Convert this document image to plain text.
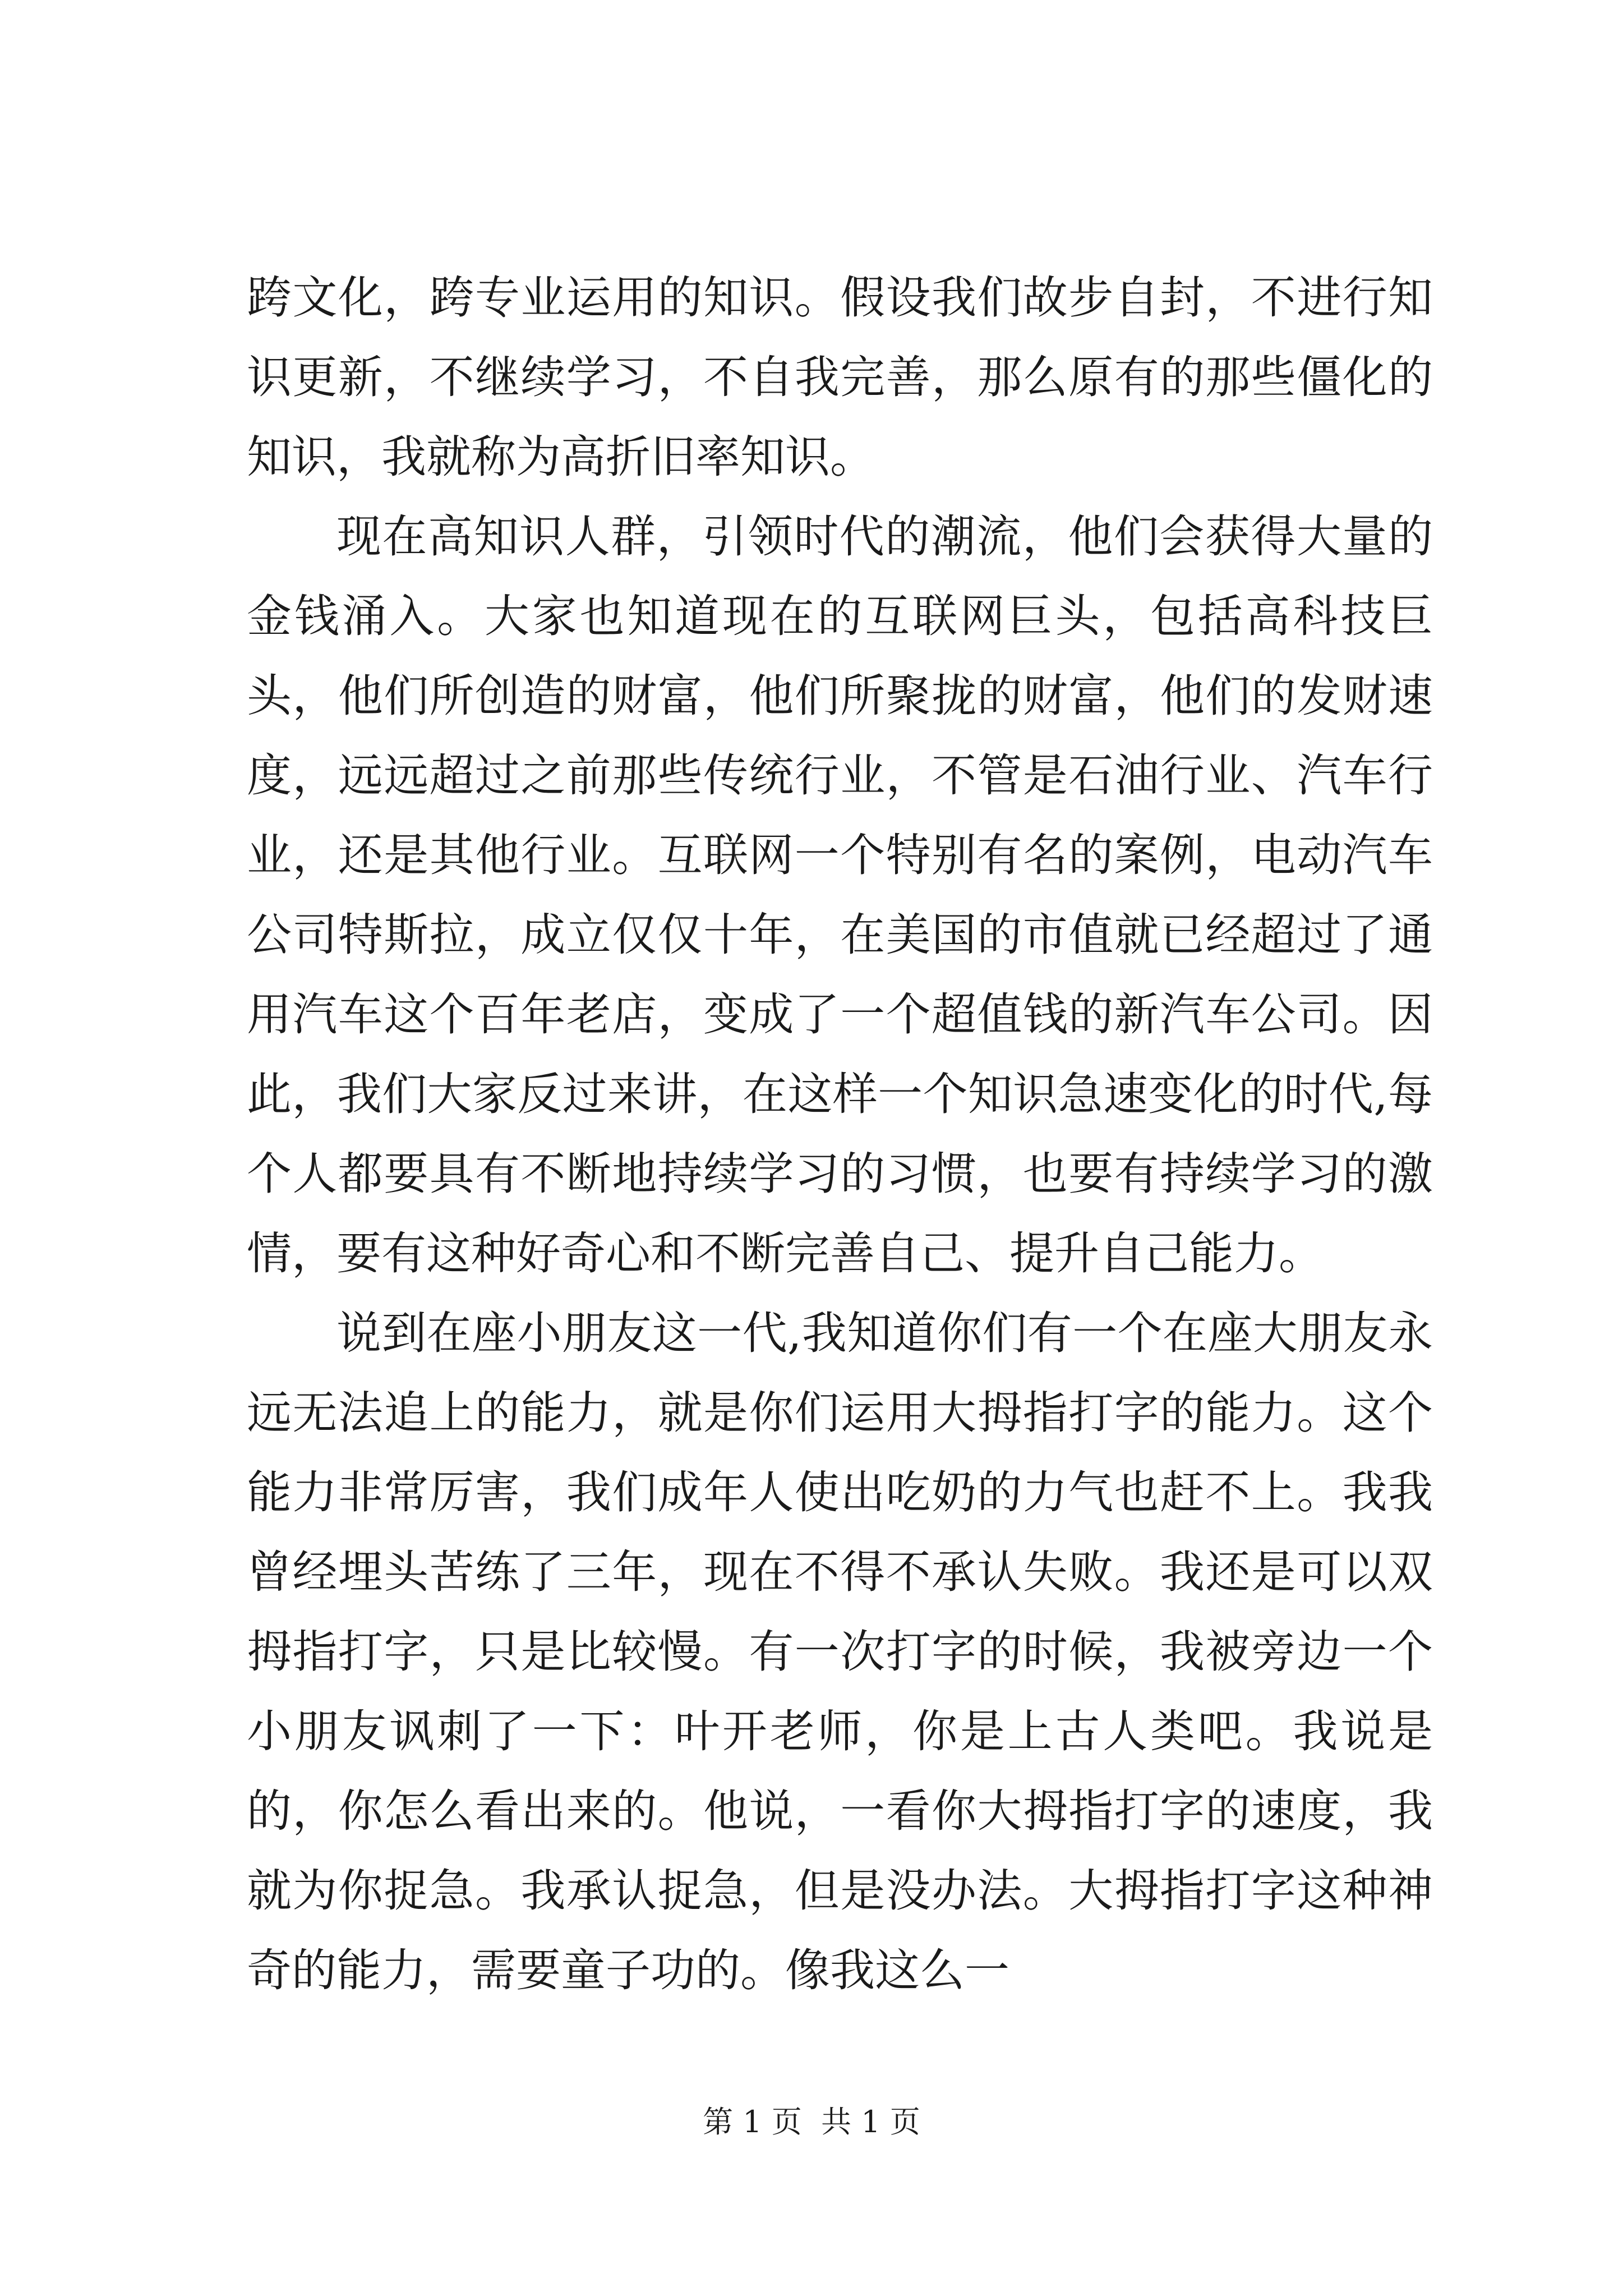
跨文化，跨专业运用的知识。假设我们故步自封，不进行知识更新，不继续学习，不自我完善，那么原有的那些僵化的知识，我就称为高折旧率知识。

现在高知识人群，引领时代的潮流，他们会获得大量的金钱涌入。大家也知道现在的互联网巨头，包括高科技巨头，他们所创造的财富，他们所聚拢的财富，他们的发财速度，远远超过之前那些传统行业，不管是石油行业、汽车行业，还是其他行业。互联网一个特别有名的案例，电动汽车公司特斯拉，成立仅仅十年，在美国的市值就已经超过了通用汽车这个百年老店，变成了一个超值钱的新汽车公司。因此，我们大家反过来讲，在这样一个知识急速变化的时代,每个人都要具有不断地持续学习的习惯，也要有持续学习的激情，要有这种好奇心和不断完善自己、提升自己能力。

说到在座小朋友这一代,我知道你们有一个在座大朋友永远无法追上的能力，就是你们运用大拇指打字的能力。这个能力非常厉害，我们成年人使出吃奶的力气也赶不上。我我曾经埋头苦练了三年，现在不得不承认失败。我还是可以双拇指打字，只是比较慢。有一次打字的时候，我被旁边一个小朋友讽刺了一下：叶开老师，你是上古人类吧。我说是的，你怎么看出来的。他说，一看你大拇指打字的速度，我就为你捉急。我承认捉急，但是没办法。大拇指打字这种神奇的能力，需要童子功的。像我这么一

第 1 页  共 1 页
